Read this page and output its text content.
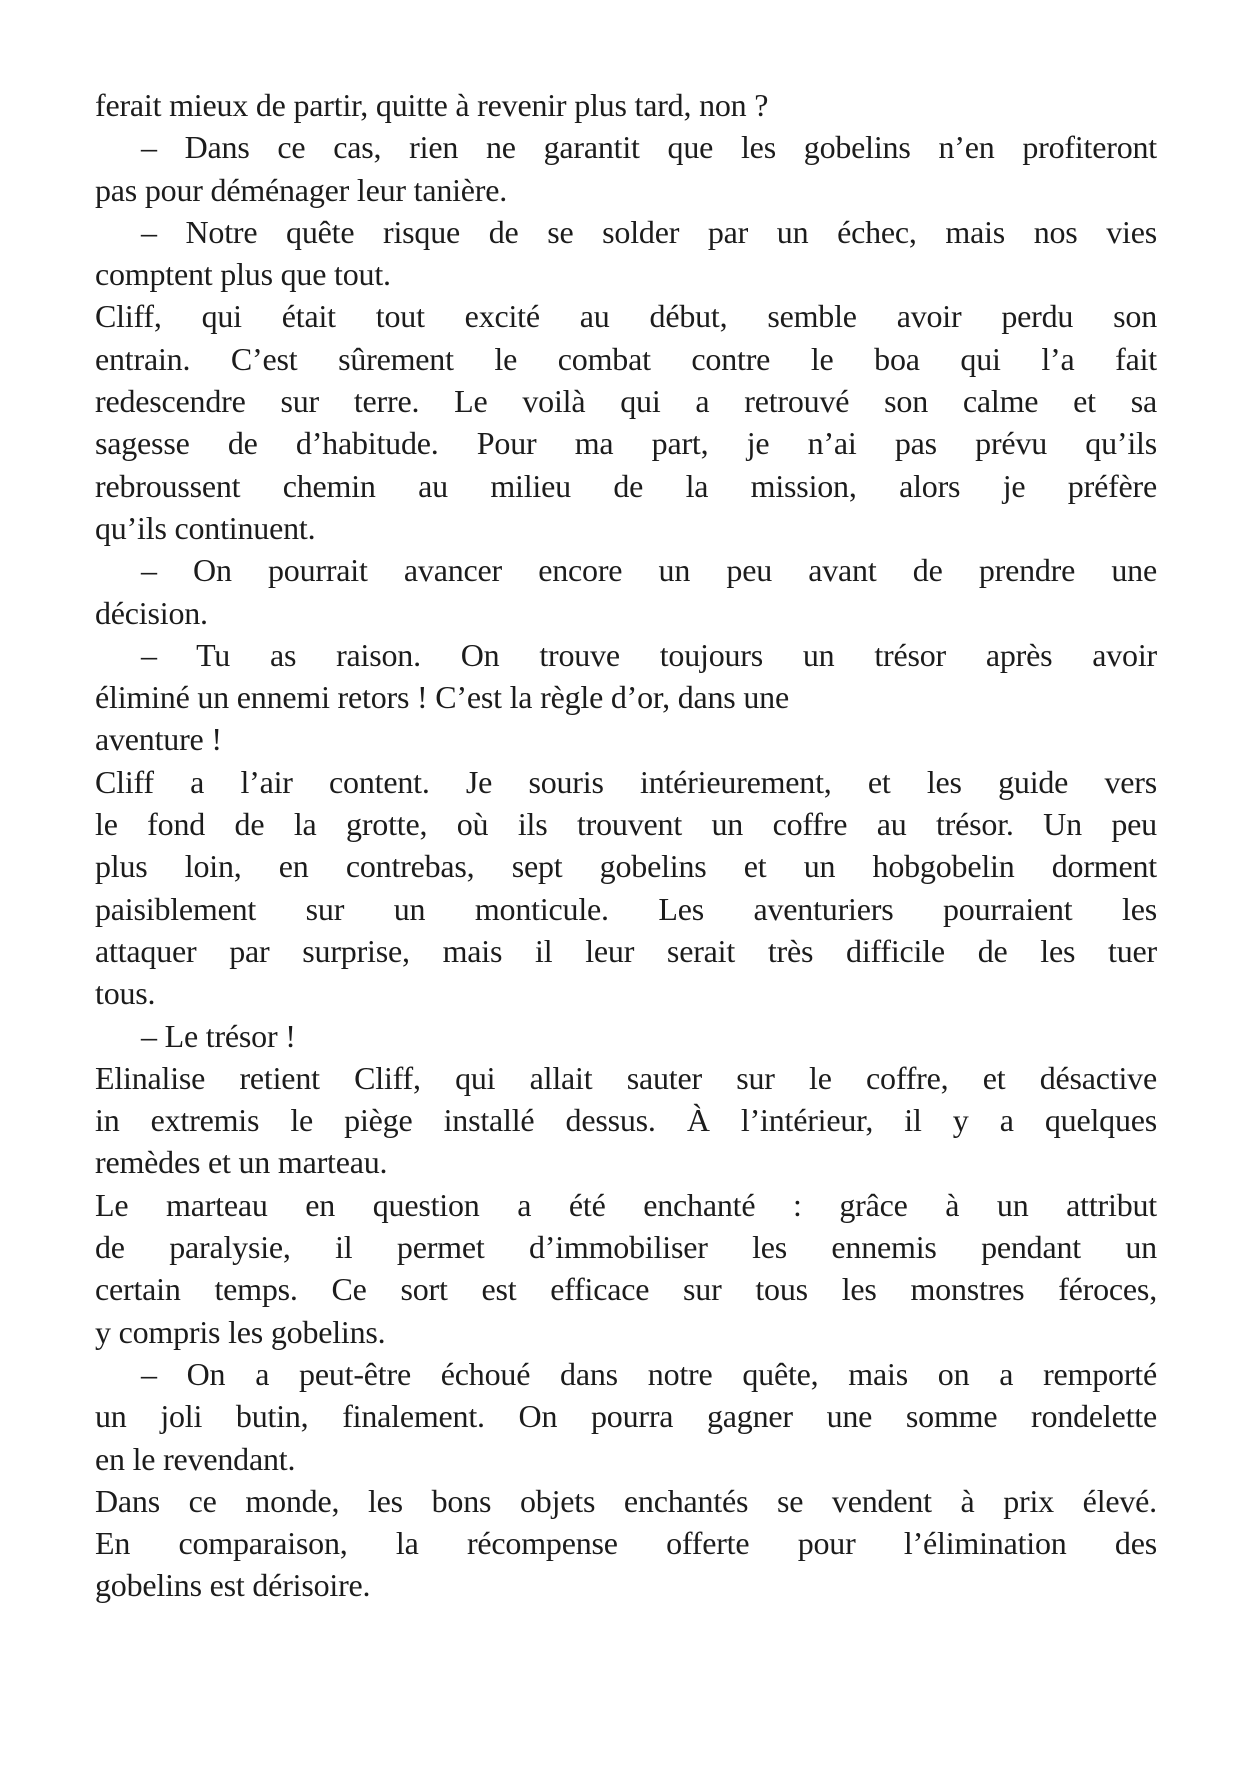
ferait mieux de partir, quitte à revenir plus tard, non ?
– Dans ce cas, rien ne garantit que les gobelins n’en profiteront
pas pour déménager leur tanière.
– Notre quête risque de se solder par un échec, mais nos vies
comptent plus que tout.
Cliff, qui était tout excité au début, semble avoir perdu son
entrain. C’est sûrement le combat contre le boa qui l’a fait
redescendre sur terre. Le voilà qui a retrouvé son calme et sa
sagesse de d’habitude. Pour ma part, je n’ai pas prévu qu’ils
rebroussent chemin au milieu de la mission, alors je préfère
qu’ils continuent.
– On pourrait avancer encore un peu avant de prendre une
décision.
– Tu as raison. On trouve toujours un trésor après avoir
éliminé un ennemi retors ! C’est la règle d’or, dans une
aventure !
Cliff a l’air content. Je souris intérieurement, et les guide vers
le fond de la grotte, où ils trouvent un coffre au trésor. Un peu
plus loin, en contrebas, sept gobelins et un hobgobelin dorment
paisiblement sur un monticule. Les aventuriers pourraient les
attaquer par surprise, mais il leur serait très difficile de les tuer
tous.
– Le trésor !
Elinalise retient Cliff, qui allait sauter sur le coffre, et désactive
in extremis le piège installé dessus. À l’intérieur, il y a quelques
remèdes et un marteau.
Le marteau en question a été enchanté : grâce à un attribut
de paralysie, il permet d’immobiliser les ennemis pendant un
certain temps. Ce sort est efficace sur tous les monstres féroces,
y compris les gobelins.
– On a peut-être échoué dans notre quête, mais on a remporté
un joli butin, finalement. On pourra gagner une somme rondelette
en le revendant.
Dans ce monde, les bons objets enchantés se vendent à prix élevé.
En comparaison, la récompense offerte pour l’élimination des
gobelins est dérisoire.
